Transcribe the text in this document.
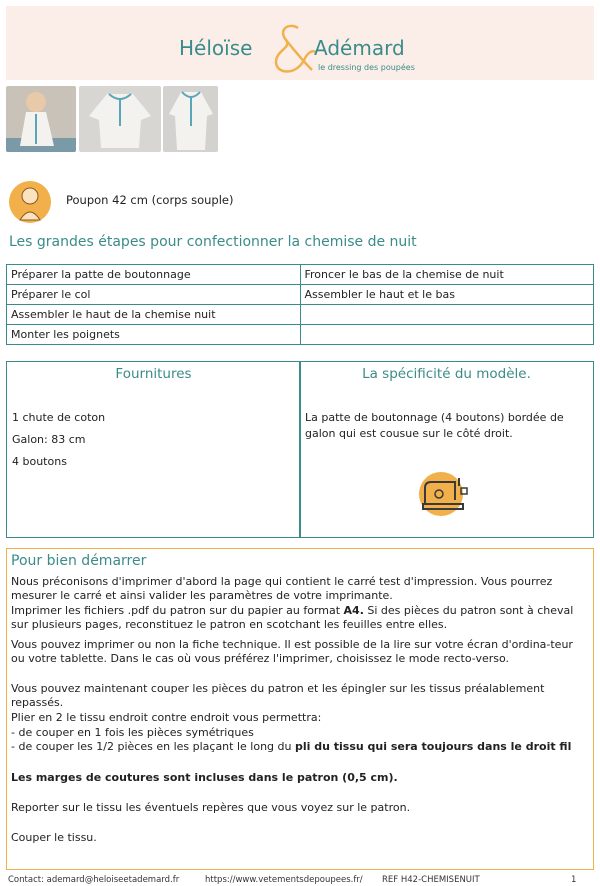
Héloïse	Adémard
le dressing des poupées
Poupon 42 cm (corps souple)
Les grandes étapes pour confectionner la chemise de nuit
Préparer la patte de boutonnage	Froncer le bas de la chemise de nuit
Préparer le col	Assembler le haut et le bas
Assembler le haut de la chemise nuit	
Monter les poignets	
Fournitures
1 chute de coton
Galon: 83 cm
4 boutons
La spécificité du modèle.
La patte de boutonnage (4 boutons) bordée de galon qui est cousue sur le côté droit.
Pour bien démarrer

Nous préconisons d'imprimer d'abord la page qui contient le carré test d'impression. Vous pourrez mesurer le carré et ainsi valider les paramètres de votre imprimante.

Imprimer les fichiers .pdf du patron sur du papier au format A4. Si des pièces du patron sont à cheval sur plusieurs pages, reconstituez le patron en scotchant les feuilles entre elles.

Vous pouvez imprimer ou non la fiche technique. Il est possible de la lire sur votre écran d'ordina-teur ou votre tablette. Dans le cas où vous préférez l'imprimer, choisissez le mode recto-verso.

Vous pouvez maintenant couper les pièces du patron et les épingler sur les tissus préalablement repassés.

Plier en 2 le tissu endroit contre endroit vous permettra:

- de couper en 1 fois les pièces symétriques

- de couper les 1/2 pièces en les plaçant le long du pli du tissu qui sera toujours dans le droit fil

Les marges de coutures sont incluses dans le patron (0,5 cm).

Reporter sur le tissu les éventuels repères que vous voyez sur le patron.

Couper le tissu.

Contact: ademard@heloiseetademard.fr	https://www.vetementsdepoupees.fr/ REF H42-CHEMISENUIT	1
